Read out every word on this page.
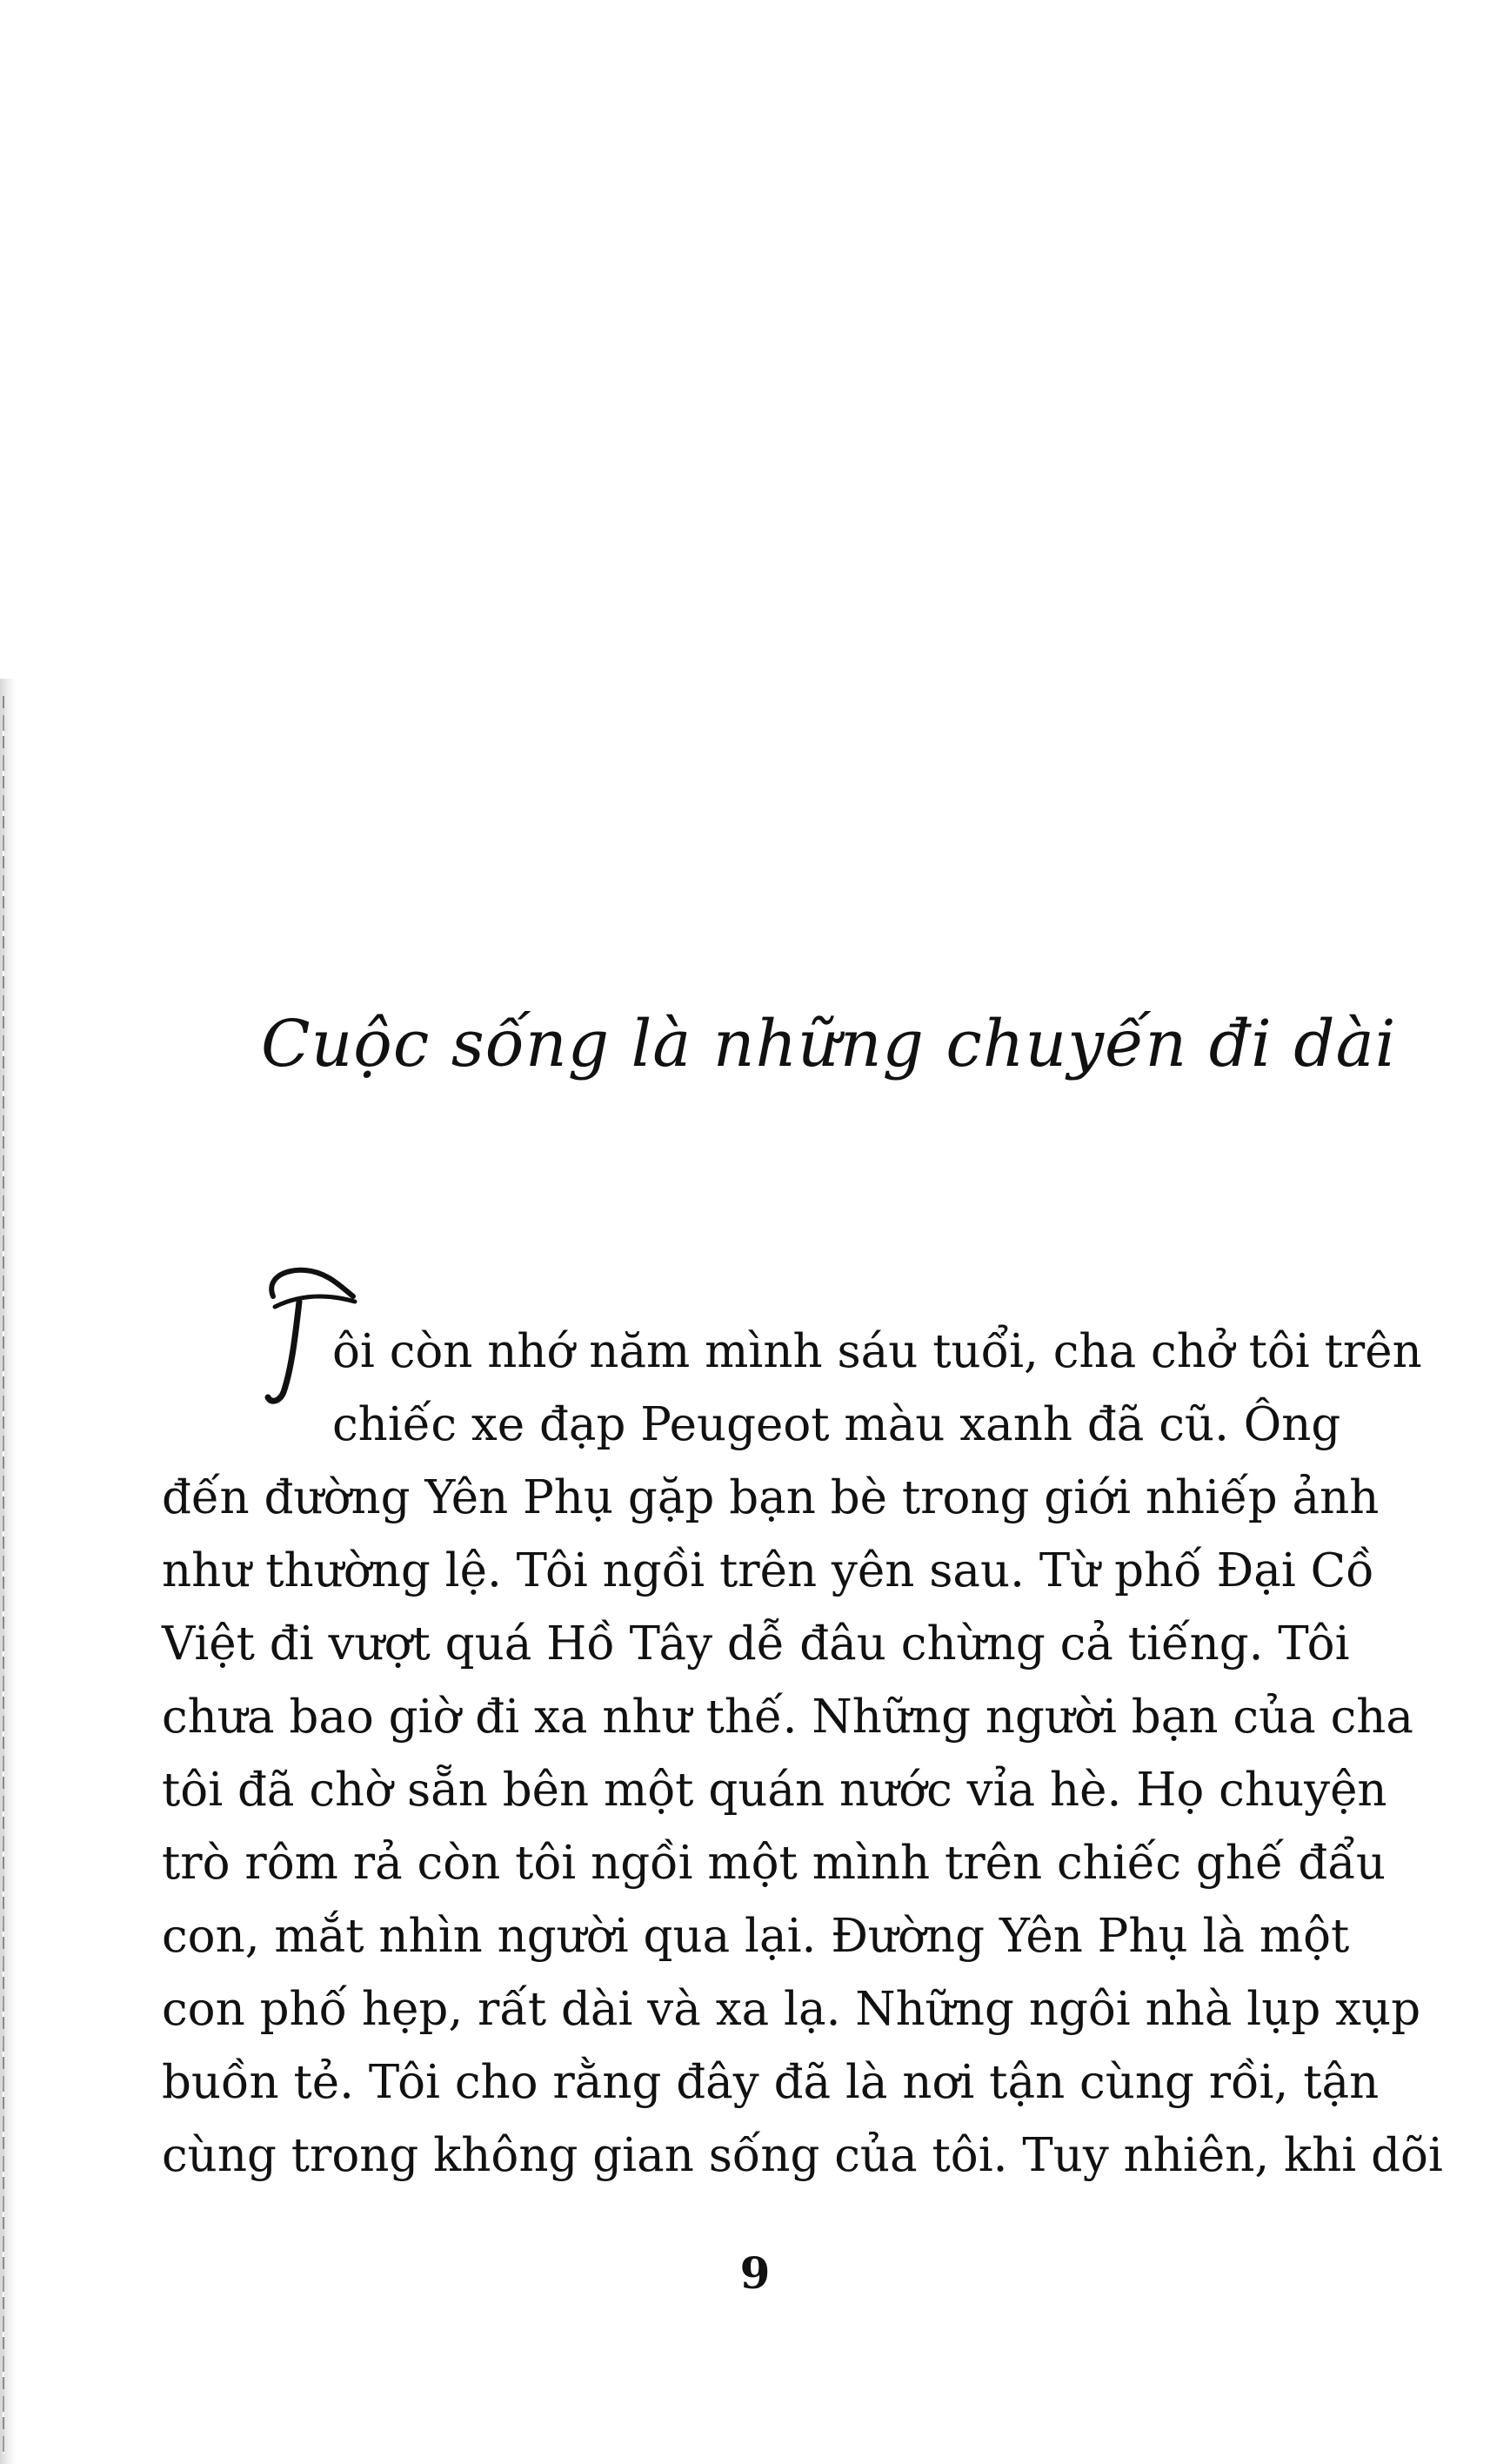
Cuộc sống là những chuyến đi dài
ôi còn nhớ năm mình sáu tuổi, cha chở tôi trên
chiếc xe đạp Peugeot màu xanh đã cũ. Ông
đến đường Yên Phụ gặp bạn bè trong giới nhiếp ảnh
như thường lệ. Tôi ngồi trên yên sau. Từ phố Đại Cồ
Việt đi vượt quá Hồ Tây dễ đâu chừng cả tiếng. Tôi
chưa bao giờ đi xa như thế. Những người bạn của cha
tôi đã chờ sẵn bên một quán nước vỉa hè. Họ chuyện
trò rôm rả còn tôi ngồi một mình trên chiếc ghế đẩu
con, mắt nhìn người qua lại. Đường Yên Phụ là một
con phố hẹp, rất dài và xa lạ. Những ngôi nhà lụp xụp
buồn tẻ. Tôi cho rằng đây đã là nơi tận cùng rồi, tận
cùng trong không gian sống của tôi. Tuy nhiên, khi dõi
9
